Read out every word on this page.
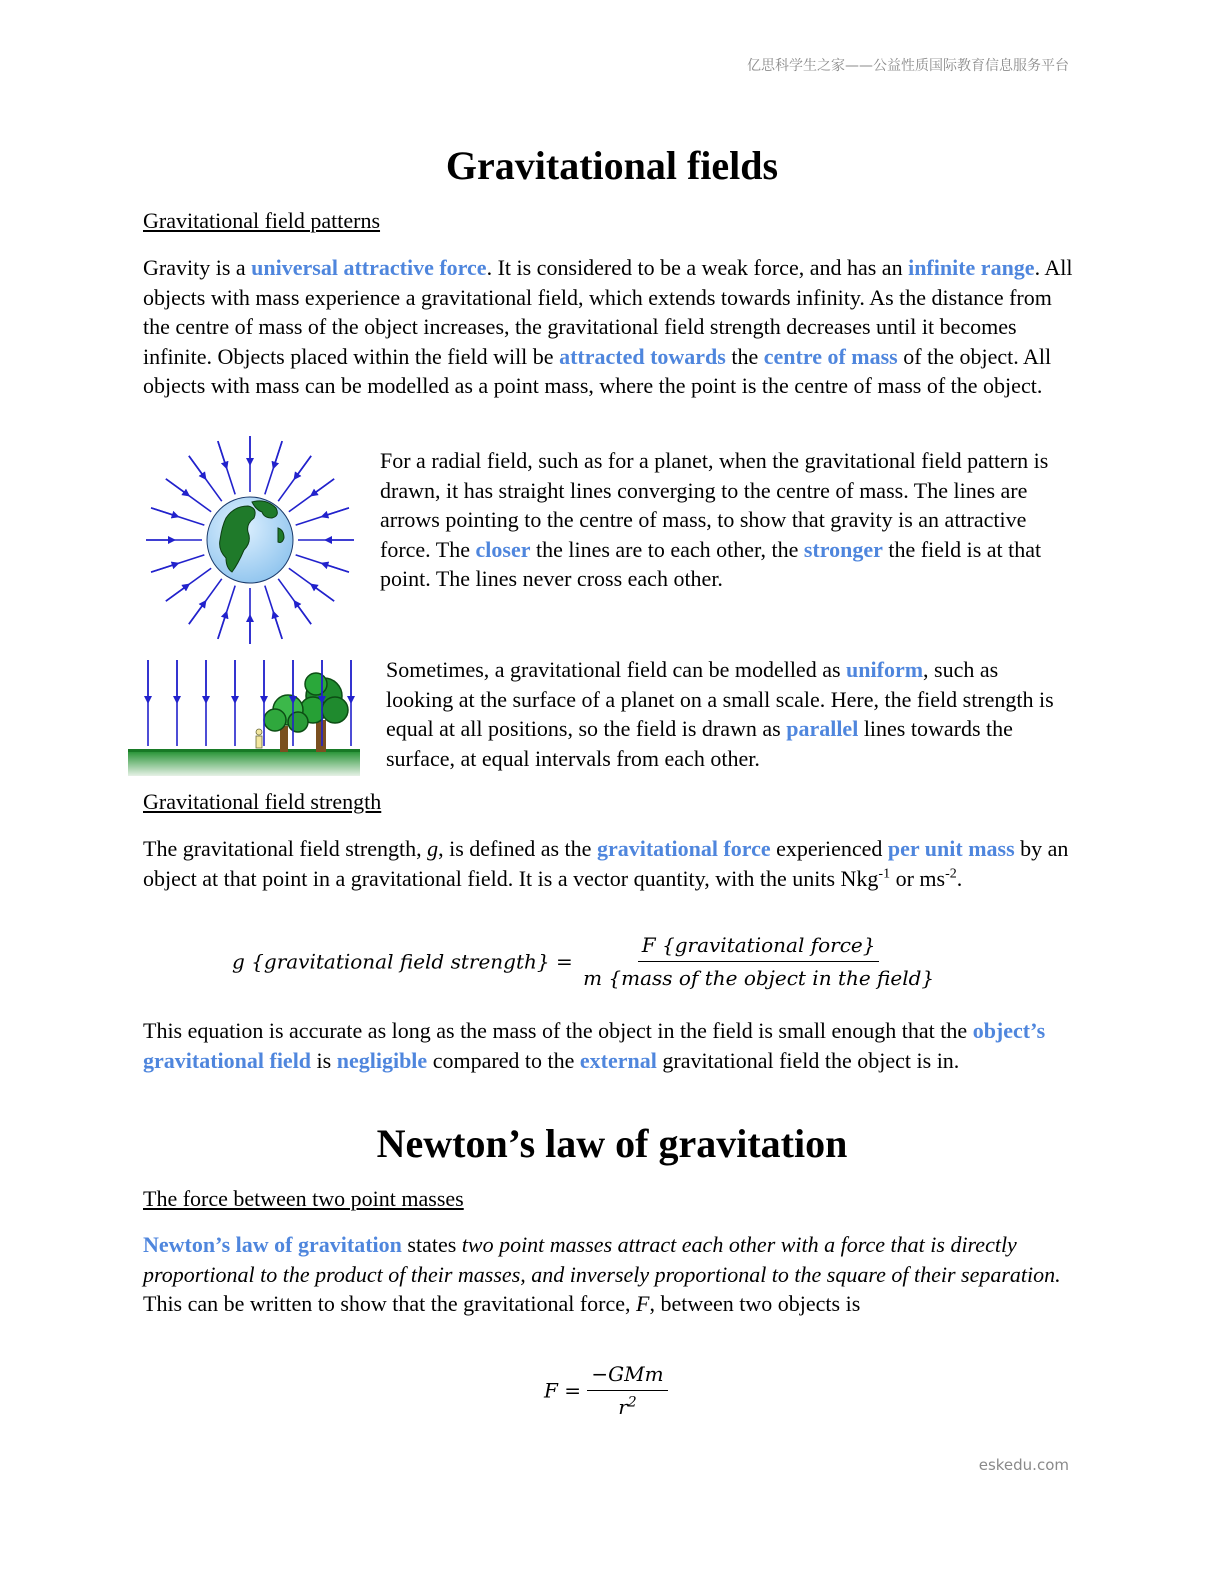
亿思科学生之家——公益性质国际教育信息服务平台
eskedu.com
Gravitational fields
Gravitational field patterns
Gravity is a universal attractive force. It is considered to be a weak force, and has an infinite range. All objects with mass experience a gravitational field, which extends towards infinity. As the distance from the centre of mass of the object increases, the gravitational field strength decreases until it becomes infinite. Objects placed within the field will be attracted towards the centre of mass of the object. All objects with mass can be modelled as a point mass, where the point is the centre of mass of the object.
For a radial field, such as for a planet, when the gravitational field pattern is drawn, it has straight lines converging to the centre of mass. The lines are arrows pointing to the centre of mass, to show that gravity is an attractive force. The closer the lines are to each other, the stronger the field is at that point. The lines never cross each other.
Sometimes, a gravitational field can be modelled as uniform, such as looking at the surface of a planet on a small scale. Here, the field strength is equal at all positions, so the field is drawn as parallel lines towards the surface, at equal intervals from each other.
Gravitational field strength
The gravitational field strength, g, is defined as the gravitational force experienced per unit mass by an object at that point in a gravitational field. It is a vector quantity, with the units Nkg$^{-1}$ or $ms^{-2}$.
g {gravitational field strength} = $\frac{\text{F \{gravitational force\}}}{\text{m \{mass of the object in the field\}}}$
This equation is accurate as long as the mass of the object in the field is small enough that the object’s gravitational field is negligible compared to the external gravitational field the object is in.
Newton’s law of gravitation
The force between two point masses
Newton’s law of gravitation states two point masses attract each other with a force that is directly proportional to the product of their masses, and inversely proportional to the square of their separation. This can be written to show that the gravitational force, F, between two objects is
$F = \frac{\text{−GMm}}{r^2}$
